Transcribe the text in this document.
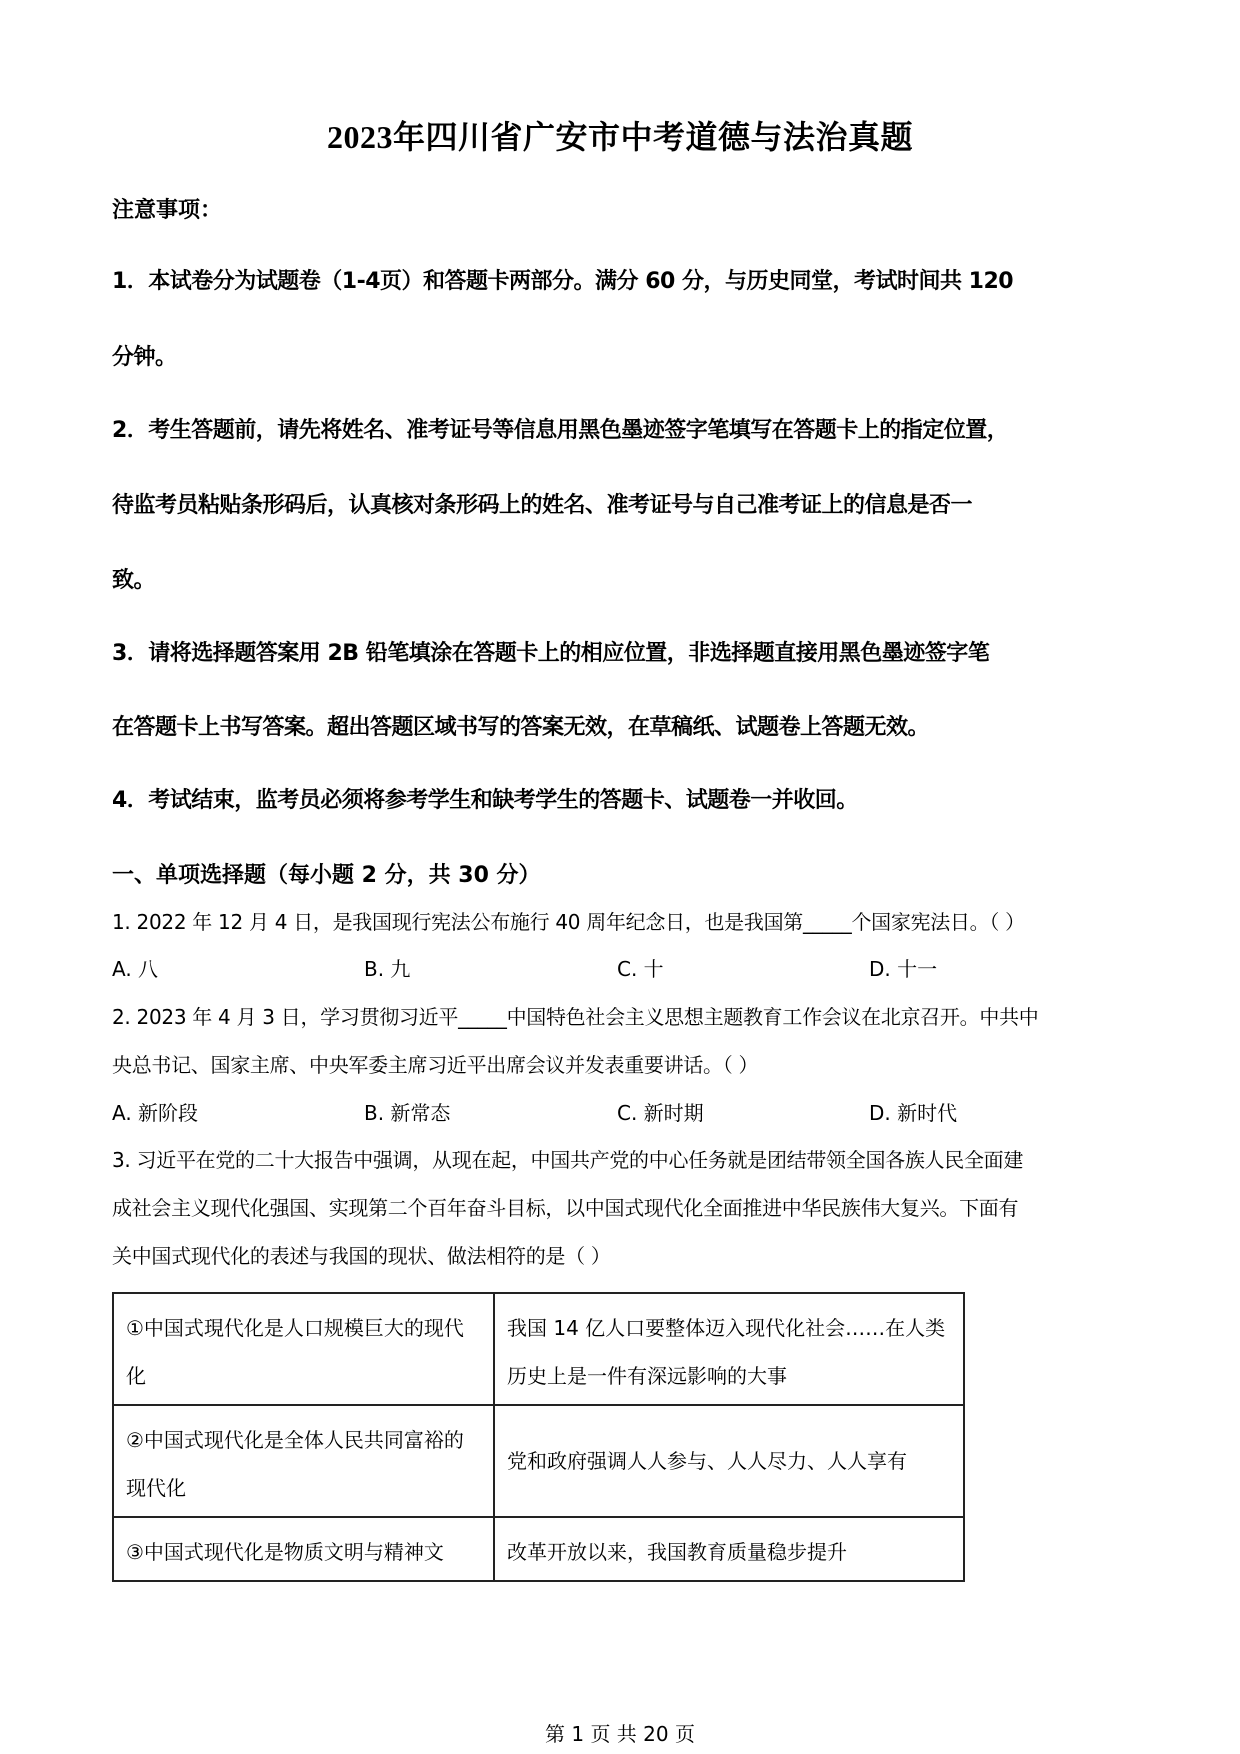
2023年四川省广安市中考道德与法治真题
注意事项：
1．本试卷分为试题卷（1-4页）和答题卡两部分。满分 60 分，与历史同堂，考试时间共 120
分钟。
2．考生答题前，请先将姓名、准考证号等信息用黑色墨迹签字笔填写在答题卡上的指定位置，
待监考员粘贴条形码后，认真核对条形码上的姓名、准考证号与自己准考证上的信息是否一
致。
3．请将选择题答案用 2B 铅笔填涂在答题卡上的相应位置，非选择题直接用黑色墨迹签字笔
在答题卡上书写答案。超出答题区域书写的答案无效，在草稿纸、试题卷上答题无效。
4．考试结束，监考员必须将参考学生和缺考学生的答题卡、试题卷一并收回。
一、单项选择题（每小题 2 分，共 30 分）
1. 2022 年 12 月 4 日，是我国现行宪法公布施行 40 周年纪念日，也是我国第_____个国家宪法日。（ ）
A. 八	B. 九	C. 十	D. 十一
2. 2023 年 4 月 3 日，学习贯彻习近平_____中国特色社会主义思想主题教育工作会议在北京召开。中共中
央总书记、国家主席、中央军委主席习近平出席会议并发表重要讲话。（ ）
A. 新阶段	B. 新常态	C. 新时期	D. 新时代
3. 习近平在党的二十大报告中强调，从现在起，中国共产党的中心任务就是团结带领全国各族人民全面建
成社会主义现代化强国、实现第二个百年奋斗目标，以中国式现代化全面推进中华民族伟大复兴。下面有
关中国式现代化的表述与我国的现状、做法相符的是（ ）
①中国式現代化是人口规模巨大的现代化	我国 14 亿人口要整体迈入现代化社会……在人类历史上是一件有深远影响的大事
②中国式现代化是全体人民共同富裕的现代化	党和政府强调人人参与、人人尽力、人人享有
③中国式现代化是物质文明与精神文	改革开放以来，我国教育质量稳步提升
第 1 页 共 20 页
